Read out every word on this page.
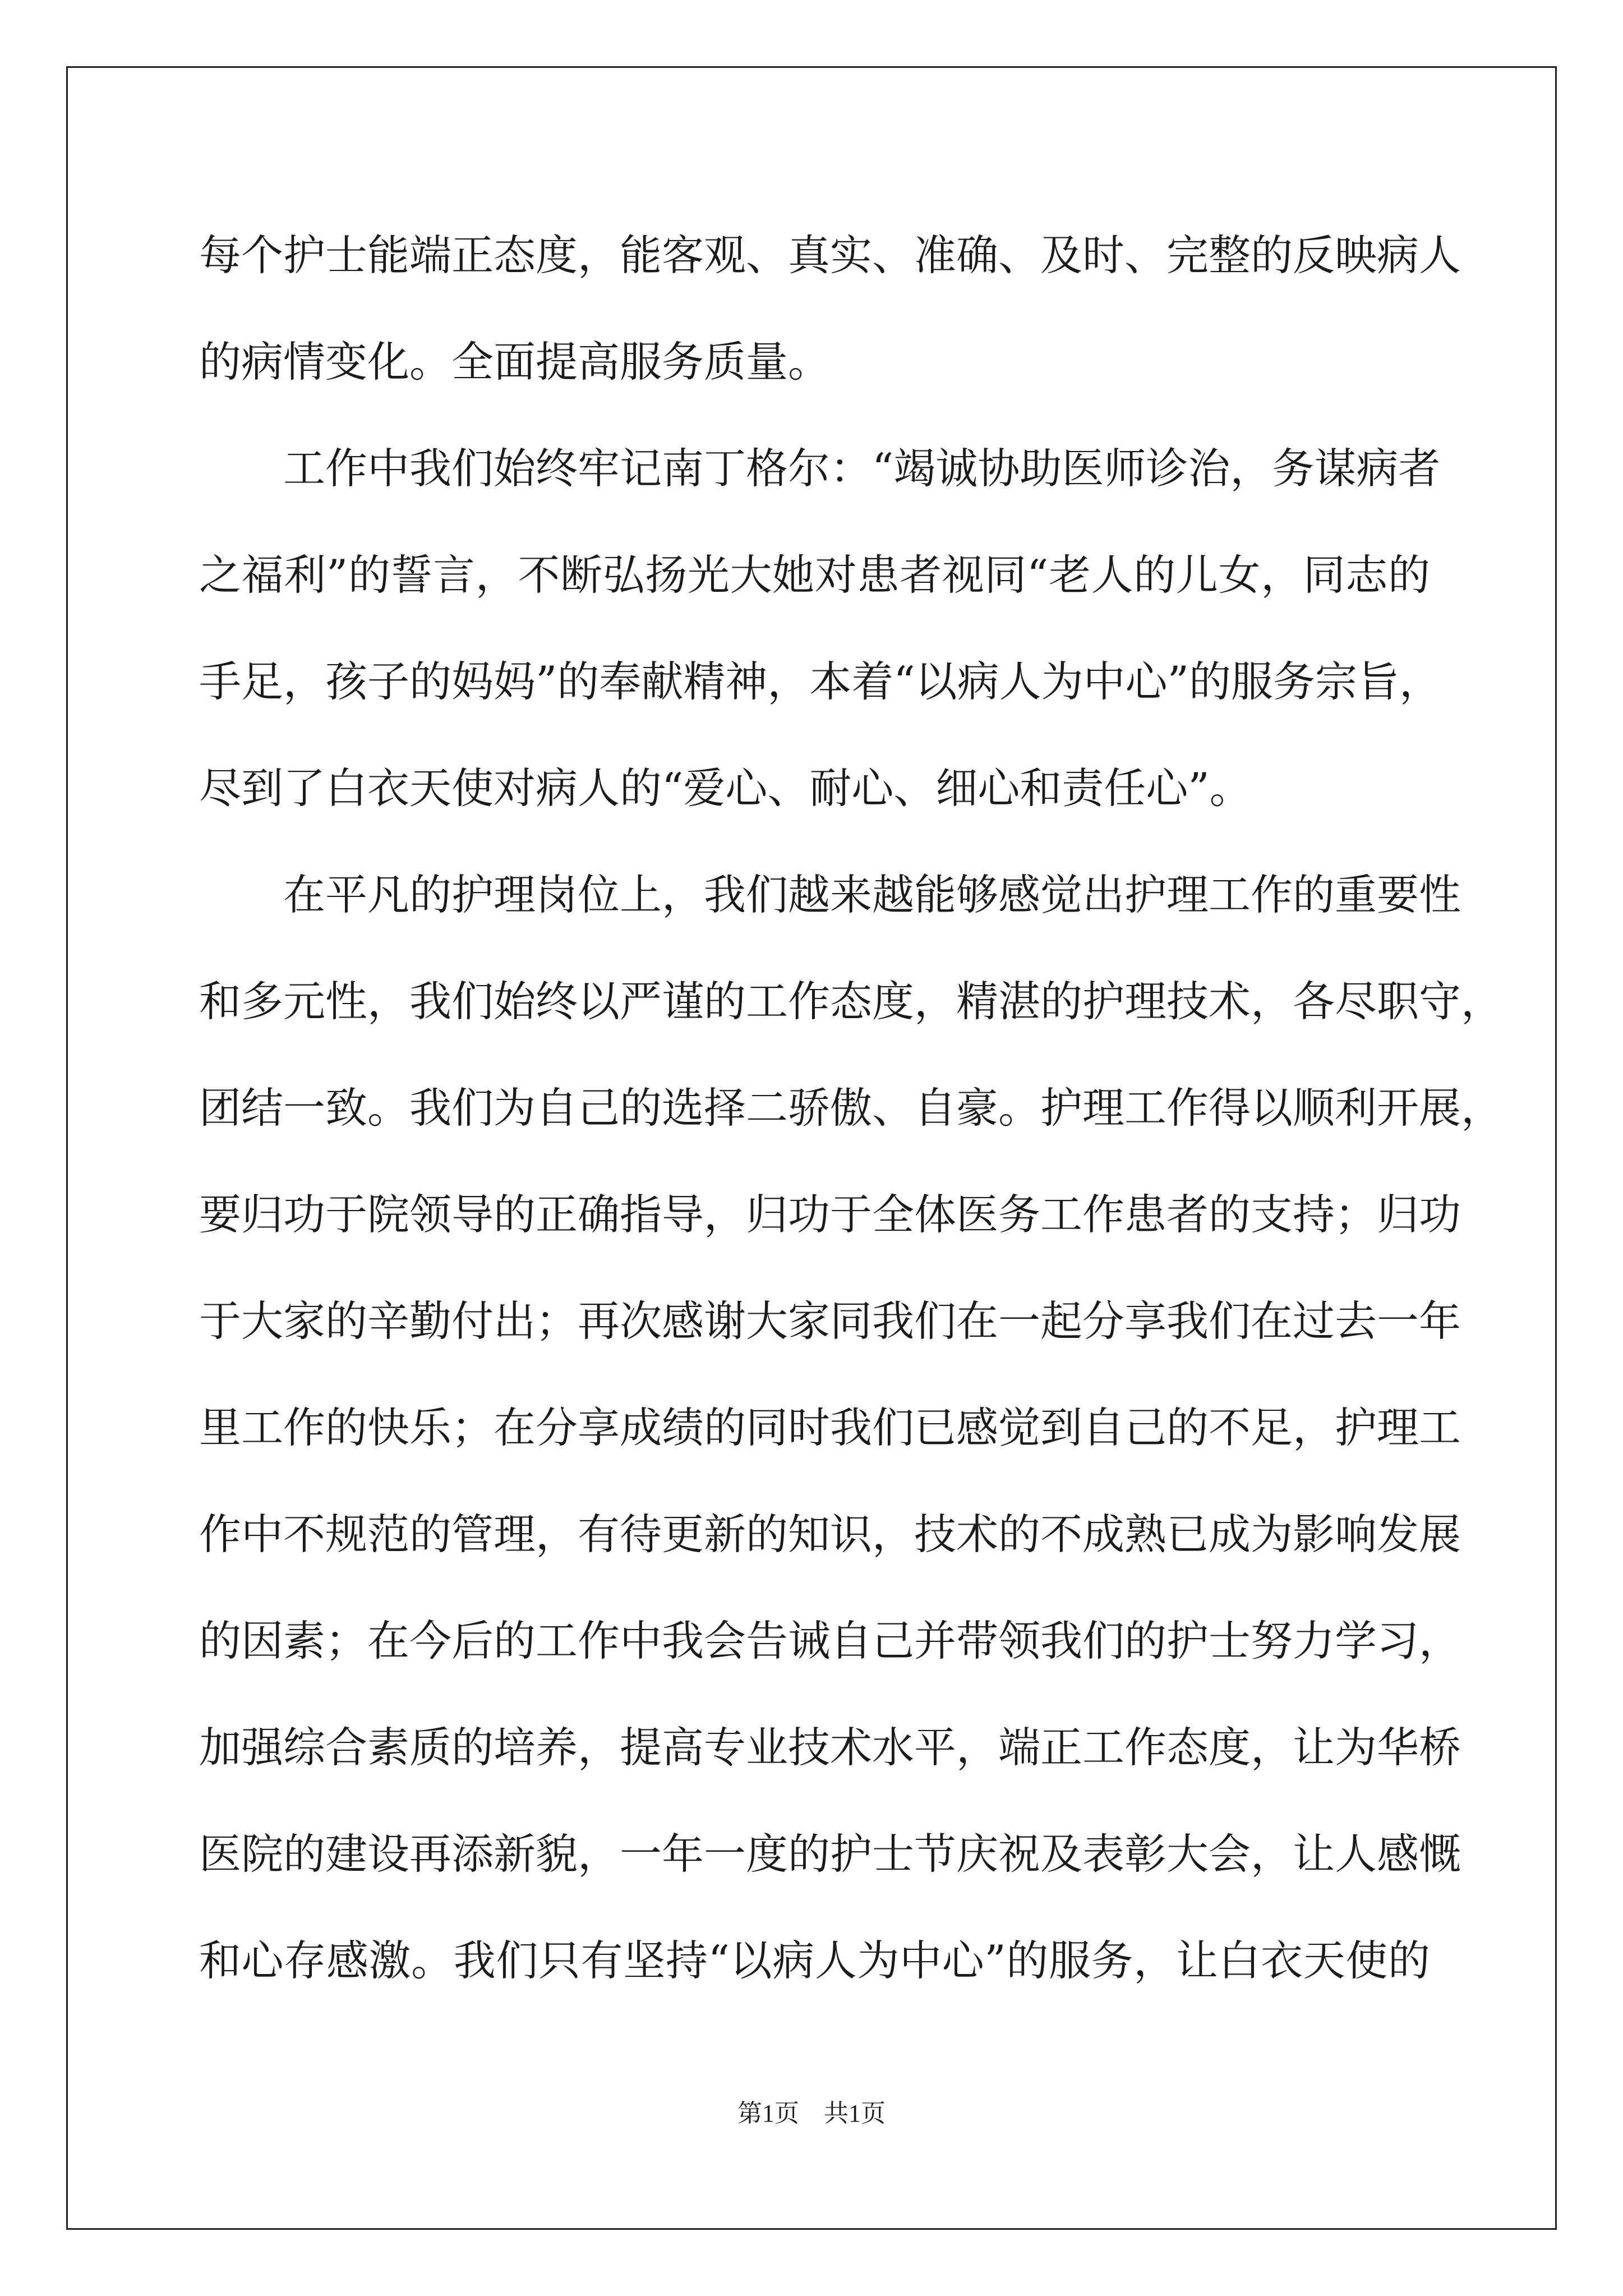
每个护士能端正态度，能客观、真实、准确、及时、完整的反映病人
的病情变化。全面提高服务质量。
工作中我们始终牢记南丁格尔：“竭诚协助医师诊治，务谋病者
之福利”的誓言，不断弘扬光大她对患者视同“老人的儿女，同志的
手足，孩子的妈妈”的奉献精神，本着“以病人为中心”的服务宗旨，
尽到了白衣天使对病人的“爱心、耐心、细心和责任心”。
在平凡的护理岗位上，我们越来越能够感觉出护理工作的重要性
和多元性，我们始终以严谨的工作态度，精湛的护理技术，各尽职守，
团结一致。我们为自己的选择二骄傲、自豪。护理工作得以顺利开展，
要归功于院领导的正确指导，归功于全体医务工作患者的支持；归功
于大家的辛勤付出；再次感谢大家同我们在一起分享我们在过去一年
里工作的快乐；在分享成绩的同时我们已感觉到自己的不足，护理工
作中不规范的管理，有待更新的知识，技术的不成熟已成为影响发展
的因素；在今后的工作中我会告诫自己并带领我们的护士努力学习，
加强综合素质的培养，提高专业技术水平，端正工作态度，让为华桥
医院的建设再添新貌，一年一度的护士节庆祝及表彰大会，让人感慨
和心存感激。我们只有坚持“以病人为中心”的服务，让白衣天使的
第1页　共1页
